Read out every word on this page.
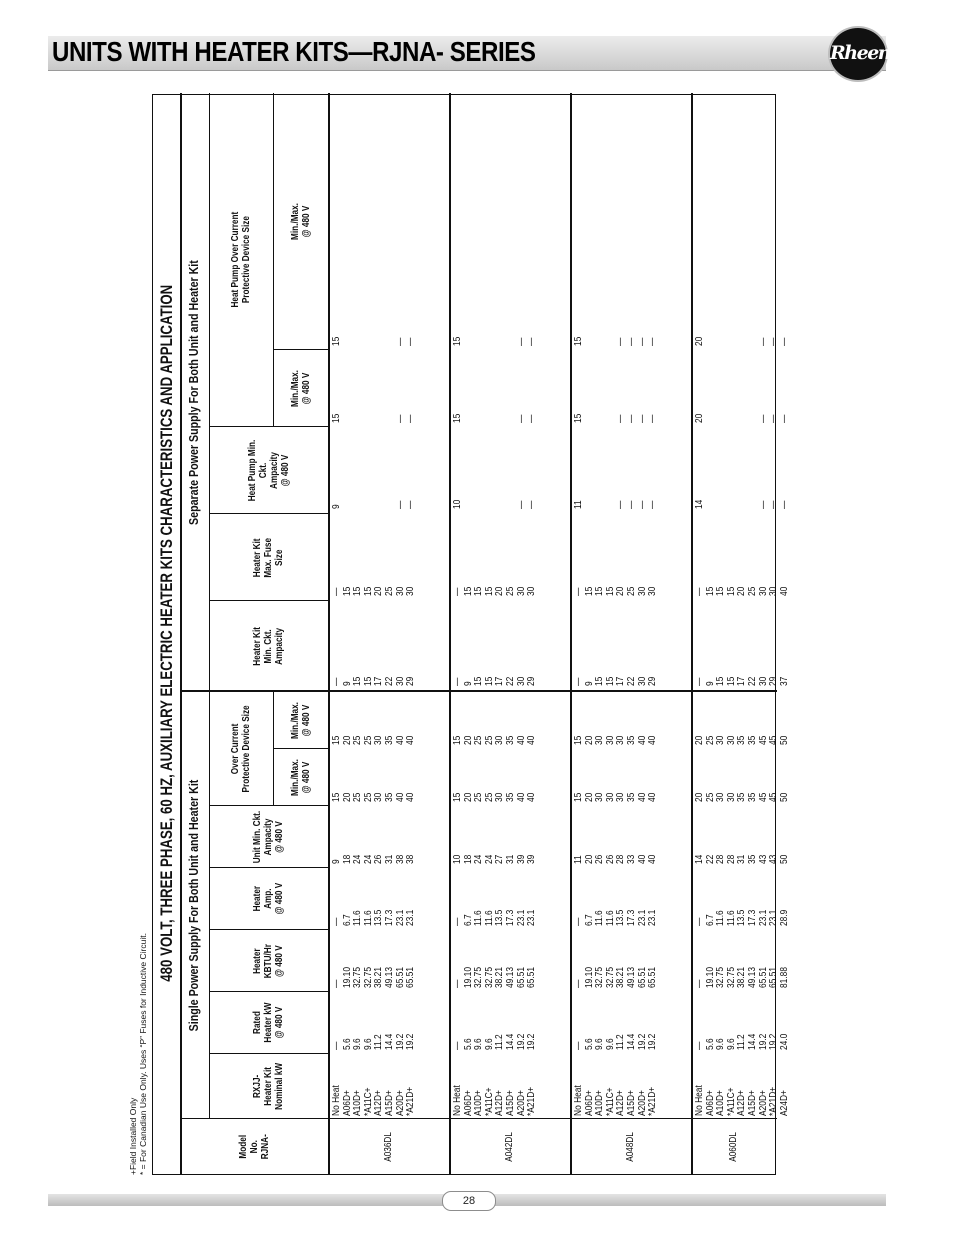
UNITS WITH HEATER KITS—RJNA- SERIES	Rheem
480 VOLT, THREE PHASE, 60 HZ, AUXILIARY ELECTRIC HEATER KITS CHARACTERISTICS AND APPLICATION Single Power Supply For Both Unit and Heater Kit
Separate Power Supply For Both Unit and Heater Kit
Model
No.
RJNA-
RXJJ-
Heater Kit
Nominal kW
Rated
Heater kW
@ 480 V
Heater
KBTU/Hr
@ 480 V
Heater
Amp.
@ 480 V
Unit Min. Ckt.
Ampacity
@ 480 V
Over Current
Protective Device Size
Min./Max.
@ 480 V
Min./Max.
@ 480 V
Heater Kit
Min. Ckt.
Ampacity
Heater Kit
Max. Fuse
Size
Heat Pump Min.
Ckt.
Ampacity
@ 480 V
Heat Pump Over Current
Protective Device Size
Min./Max.
@ 480 V
Min./Max.
@ 480 V
A036DL
No Heat
A06D+
A10D+
*A11C+
A12D+
A15D+
A20D+
*A21D+
—
5.6
9.6
9.6
11.2
14.4
19.2
19.2
—
19.10
32.75
32.75
38.21
49.13
65.51
65.51
—
6.7
11.6
11.6
13.5
17.3
23.1
23.1
9
18
24
24
26
31
38
38
15
20
25
25
30
35
40
40
15
20
25
25
30
35
40
40
—
9
15
15
17
22
30
29
—
15
15
15
20
25
30
30
9

—
—
15

—
—
15

—
—
A042DL
No Heat
A06D+
A10D+
*A11C+
A12D+
A15D+
A20D+
*A21D+
—
5.6
9.6
9.6
11.2
14.4
19.2
19.2
—
19.10
32.75
32.75
38.21
49.13
65.51
65.51
—
6.7
11.6
11.6
13.5
17.3
23.1
23.1
10
18
24
24
27
31
39
39
15
20
25
25
30
35
40
40
15
20
25
25
30
35
40
40
—
9
15
15
17
22
30
29
—
15
15
15
20
25
30
30
10

—
—
15

—
—
15

—
—
A048DL
No Heat
A06D+
A10D+
*A11C+
A12D+
A15D+
A20D+
*A21D+
—
5.6
9.6
9.6
11.2
14.4
19.2
19.2
—
19.10
32.75
32.75
38.21
49.13
65.51
65.51
—
6.7
11.6
11.6
13.5
17.3
23.1
23.1
11
20
26
26
28
33
40
40
15
20
30
30
30
35
40
40
15
20
30
30
30
35
40
40
—
9
15
15
17
22
30
29
—
15
15
15
20
25
30
30
11

—
—
—
—
15

—
—
—
—
15

—
—
—
—
A060DL
No Heat
A06D+
A10D+
*A11C+
A12D+
A15D+
A20D+
*A21D+
A24D+
—
5.6
9.6
9.6
11.2
14.4
19.2
19.2
24.0
—
19.10
32.75
32.75
38.21
49.13
65.51
65.51
81.88
—
6.7
11.6
11.6
13.5
17.3
23.1
23.1
28.9
14
22
28
28
31
35
43
43
50
20
25
30
30
35
35
45
45
50
20
25
30
30
35
35
45
45
50
—
9
15
15
17
22
30
29
37
—
15
15
15
20
25
30
30
40
14

—
—
—
20

—
—
—
20

—
—
—
+Field Installed Only * = For Canadian Use Only. Uses “P” Fuses for Inductive Circuit.
28
